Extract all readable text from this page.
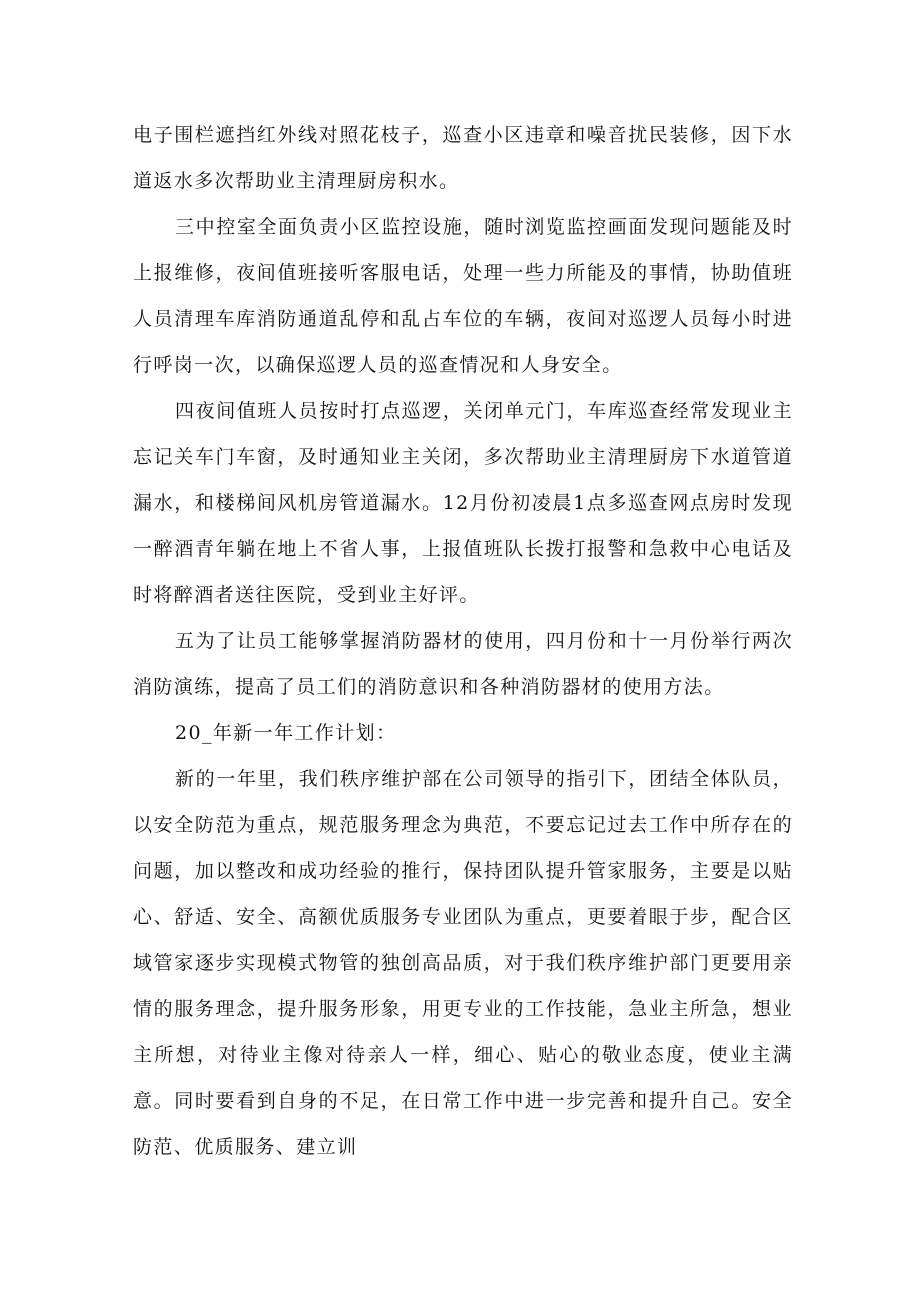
电子围栏遮挡红外线对照花枝子，巡查小区违章和噪音扰民装修，因下水道返水多次帮助业主清理厨房积水。

三中控室全面负责小区监控设施，随时浏览监控画面发现问题能及时上报维修，夜间值班接听客服电话，处理一些力所能及的事情，协助值班人员清理车库消防通道乱停和乱占车位的车辆，夜间对巡逻人员每小时进行呼岗一次，以确保巡逻人员的巡查情况和人身安全。

四夜间值班人员按时打点巡逻，关闭单元门，车库巡查经常发现业主忘记关车门车窗，及时通知业主关闭，多次帮助业主清理厨房下水道管道漏水，和楼梯间风机房管道漏水。12月份初凌晨1点多巡查网点房时发现一醉酒青年躺在地上不省人事，上报值班队长拨打报警和急救中心电话及时将醉酒者送往医院，受到业主好评。

五为了让员工能够掌握消防器材的使用，四月份和十一月份举行两次消防演练，提高了员工们的消防意识和各种消防器材的使用方法。

20_年新一年工作计划：

新的一年里，我们秩序维护部在公司领导的指引下，团结全体队员，以安全防范为重点，规范服务理念为典范，不要忘记过去工作中所存在的问题，加以整改和成功经验的推行，保持团队提升管家服务，主要是以贴心、舒适、安全、高额优质服务专业团队为重点，更要着眼于步，配合区域管家逐步实现模式物管的独创高品质，对于我们秩序维护部门更要用亲情的服务理念，提升服务形象，用更专业的工作技能，急业主所急，想业主所想，对待业主像对待亲人一样，细心、贴心的敬业态度，使业主满意。同时要看到自身的不足，在日常工作中进一步完善和提升自己。安全防范、优质服务、建立训
